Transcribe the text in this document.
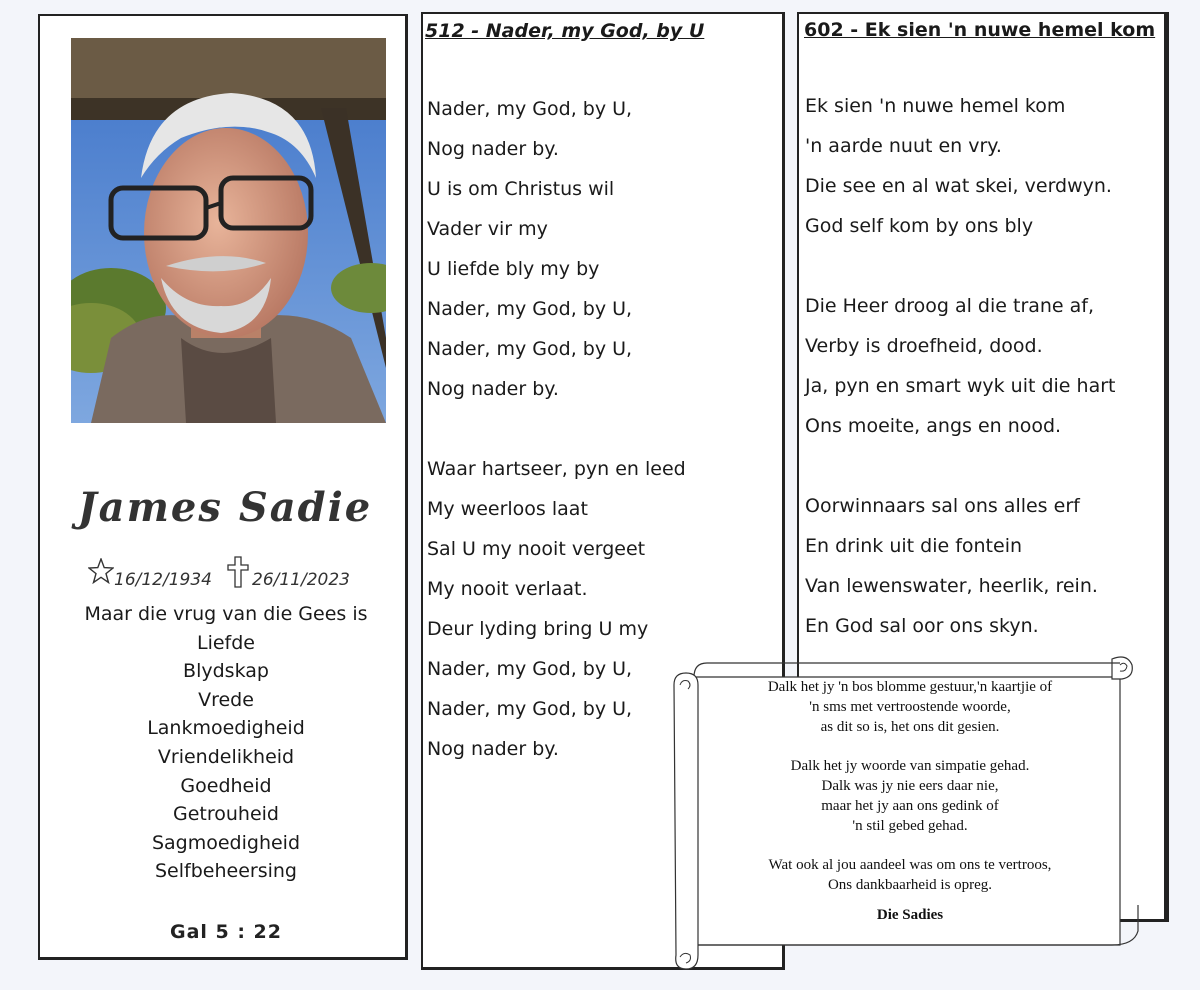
James Sadie
16/12/1934 26/11/2023
Maar die vrug van die Gees is
Liefde
Blydskap
Vrede
Lankmoedigheid
Vriendelikheid
Goedheid
Getrouheid
Sagmoedigheid
Selfbeheersing
Gal 5 : 22
512 - Nader, my God, by U
Nader, my God, by U,
Nog nader by.
U is om Christus wil
Vader vir my
U liefde bly my by
Nader, my God, by U,
Nader, my God, by U,
Nog nader by.
Waar hartseer, pyn en leed
My weerloos laat
Sal U my nooit vergeet
My nooit verlaat.
Deur lyding bring U my
Nader, my God, by U,
Nader, my God, by U,
Nog nader by.
602 - Ek sien 'n nuwe hemel kom
Ek sien 'n nuwe hemel kom
'n aarde nuut en vry.
Die see en al wat skei, verdwyn.
God self kom by ons bly
Die Heer droog al die trane af,
Verby is droefheid, dood.
Ja, pyn en smart wyk uit die hart
Ons moeite, angs en nood.
Oorwinnaars sal ons alles erf
En drink uit die fontein
Van lewenswater, heerlik, rein.
En God sal oor ons skyn.
Dalk het jy 'n bos blomme gestuur,'n kaartjie of
'n sms met vertroostende woorde,
as dit so is, het ons dit gesien.
Dalk het jy woorde van simpatie gehad.
Dalk was jy nie eers daar nie,
maar het jy aan ons gedink of
'n stil gebed gehad.
Wat ook al jou aandeel was om ons te vertroos,
Ons dankbaarheid is opreg.
Die Sadies
